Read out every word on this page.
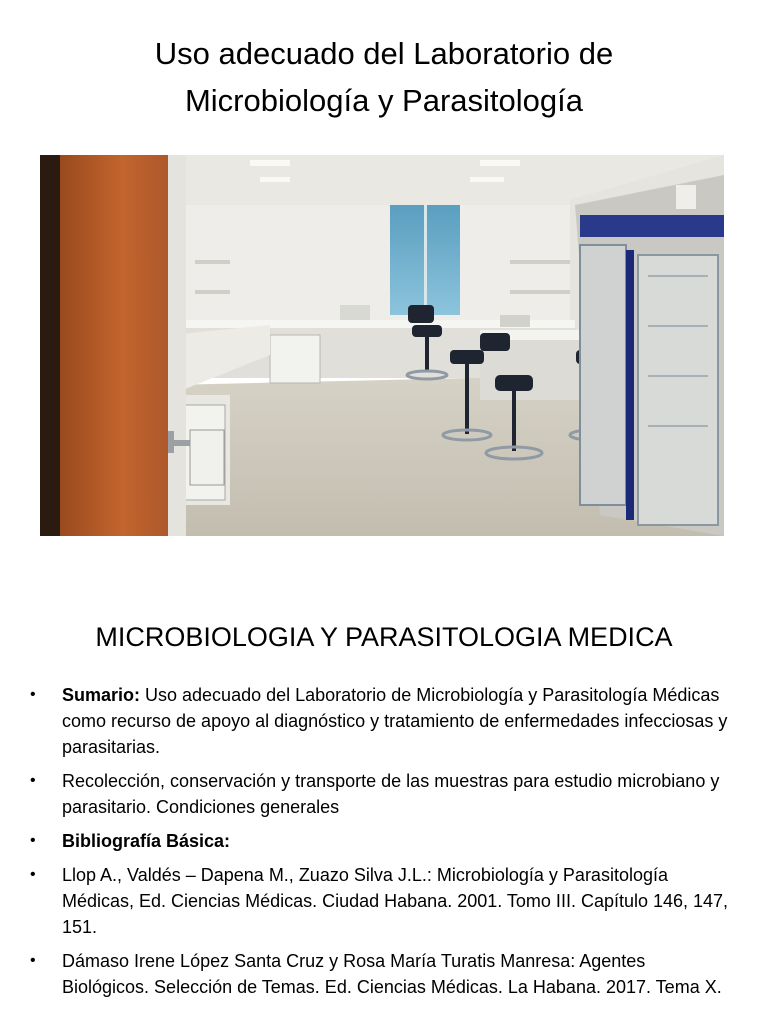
Uso adecuado del Laboratorio de
Microbiología y Parasitología
MICROBIOLOGIA Y PARASITOLOGIA MEDICA
•	Sumario: Uso adecuado del Laboratorio de Microbiología y Parasitología Médicas como recurso de apoyo al diagnóstico y tratamiento de enfermedades infecciosas y parasitarias.
•	Recolección, conservación y transporte de las muestras para estudio microbiano y parasitario. Condiciones generales
•	Bibliografía Básica:
•	Llop A., Valdés – Dapena M., Zuazo Silva J.L.: Microbiología y Parasitología Médicas, Ed. Ciencias Médicas. Ciudad Habana. 2001. Tomo III. Capítulo 146, 147, 151.
•	Dámaso Irene López Santa Cruz y Rosa María Turatis Manresa: Agentes Biológicos. Selección de Temas. Ed. Ciencias Médicas. La Habana. 2017. Tema X.
